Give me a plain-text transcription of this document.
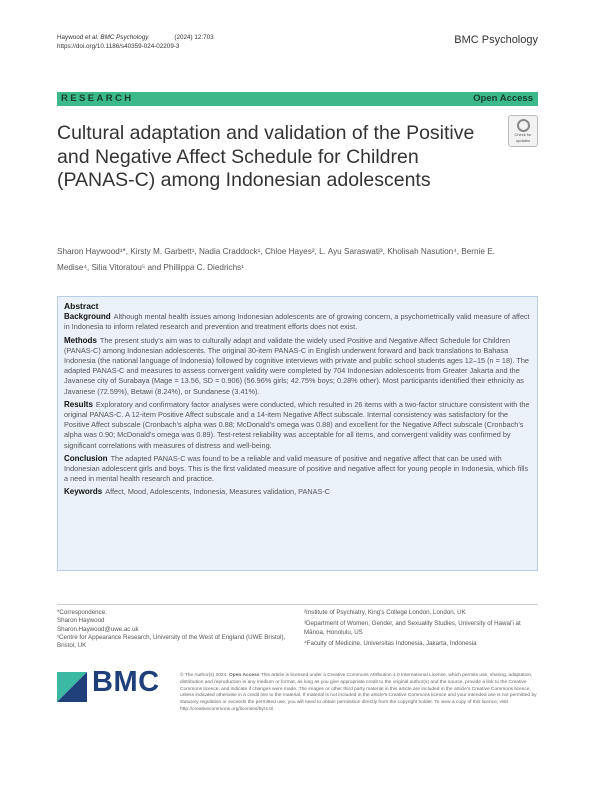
Haywood et al. BMC Psychology	(2024) 12:703
https://doi.org/10.1186/s40359-024-02209-3
BMC Psychology
RESEARCH	Open Access
Cultural adaptation and validation of the Positive and Negative Affect Schedule for Children (PANAS-C) among Indonesian adolescents
Check for
updates
Sharon Haywood¹*, Kirsty M. Garbett¹, Nadia Craddock¹, Chloe Hayes², L. Ayu Saraswati³, Kholisah Nasution⁴, Bernie E. Medise⁴, Silia Vitoratou⁵ and Phillippa C. Diedrichs¹
Abstract

Background Although mental health issues among Indonesian adolescents are of growing concern, a psychometrically valid measure of affect in Indonesia to inform related research and prevention and treatment efforts does not exist.

Methods The present study's aim was to culturally adapt and validate the widely used Positive and Negative Affect Schedule for Children (PANAS-C) among Indonesian adolescents. The original 30-item PANAS-C in English underwent forward and back translations to Bahasa Indonesia (the national language of Indonesia) followed by cognitive interviews with private and public school students ages 12–15 (n = 18). The adapted PANAS-C and measures to assess convergent validity were completed by 704 Indonesian adolescents from Greater Jakarta and the Javanese city of Surabaya (Mage = 13.56, SD = 0.906) (56.96% girls; 42.75% boys; 0.28% other). Most participants identified their ethnicity as Javanese (72.59%), Betawi (8.24%), or Sundanese (3.41%).

Results Exploratory and confirmatory factor analyses were conducted, which resulted in 26 items with a two-factor structure consistent with the original PANAS-C. A 12-item Positive Affect subscale and a 14-item Negative Affect subscale. Internal consistency was satisfactory for the Positive Affect subscale (Cronbach's alpha was 0.88; McDonald's omega was 0.88) and excellent for the Negative Affect subscale (Cronbach's alpha was 0.90; McDonald's omega was 0.89). Test-retest reliability was acceptable for all items, and convergent validity was confirmed by significant correlations with measures of distress and well-being.

Conclusion The adapted PANAS-C was found to be a reliable and valid measure of positive and negative affect that can be used with Indonesian adolescent girls and boys. This is the first validated measure of positive and negative affect for young people in Indonesia, which fills a need in mental health research and practice.

Keywords Affect, Mood, Adolescents, Indonesia, Measures validation, PANAS-C

*Correspondence:
Sharon Haywood
Sharon.Haywood@uwe.ac.uk
¹Centre for Appearance Research, University of the West of England (UWE Bristol), Bristol, UK
²Institute of Psychiatry, King's College London, London, UK
³Department of Women, Gender, and Sexuality Studies, University of Hawai'i at Mānoa, Honolulu, US
⁴Faculty of Medicine, Universitas Indonesia, Jakarta, Indonesia
BMC	© The Author(s) 2024. Open Access This article is licensed under a Creative Commons Attribution 4.0 International License, which permits use, sharing, adaptation, distribution and reproduction in any medium or format, as long as you give appropriate credit to the original author(s) and the source, provide a link to the Creative Commons licence, and indicate if changes were made. The images or other third party material in this article are included in the article's Creative Commons licence, unless indicated otherwise in a credit line to the material. If material is not included in the article's Creative Commons licence and your intended use is not permitted by statutory regulation or exceeds the permitted use, you will need to obtain permission directly from the copyright holder. To view a copy of this licence, visit http://creativecommons.org/licenses/by/4.0/.
